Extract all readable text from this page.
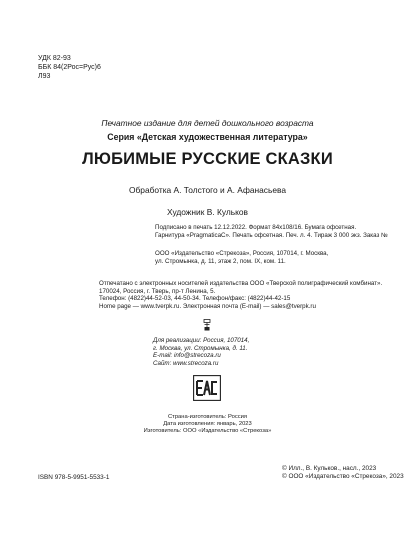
УДК 82-93
ББК 84(2Рос=Рус)6
Л93
Печатное издание для детей дошкольного возраста
Серия «Детская художественная литература»
ЛЮБИМЫЕ РУССКИЕ СКАЗКИ
Обработка А. Толстого и А. Афанасьева
Художник В. Кульков
Подписано в печать 12.12.2022. Формат 84х108/16. Бумага офсетная.
Гарнитура «PragmaticaC». Печать офсетная. Печ. л. 4. Тираж 3 000 экз. Заказ №
ООО «Издательство «Стрекоза», Россия, 107014, г. Москва,
ул. Стромынка, д. 11, этаж 2, пом. IX, ком. 11.
Отпечатано с электронных носителей издательства ООО «Тверской полиграфический комбинат».
170024, Россия, г. Тверь, пр-т Ленина, 5.
Телефон: (4822)44-52-03, 44-50-34. Телефон/факс: (4822)44-42-15
Home page — www.tverpk.ru. Электронная почта (E-mail) — sales@tverpk.ru
Для реализации: Россия, 107014,
г. Москва, ул. Стромынка, д. 11.
E-mail: info@strecoza.ru
Сайт: www.strecoza.ru
Страна-изготовитель: Россия
Дата изготовления: январь, 2023
Изготовитель: ООО «Издательство «Стрекоза»
ISBN 978-5-9951-5533-1
© Илл., В. Кульков., насл., 2023
© ООО «Издательство «Стрекоза», 2023
